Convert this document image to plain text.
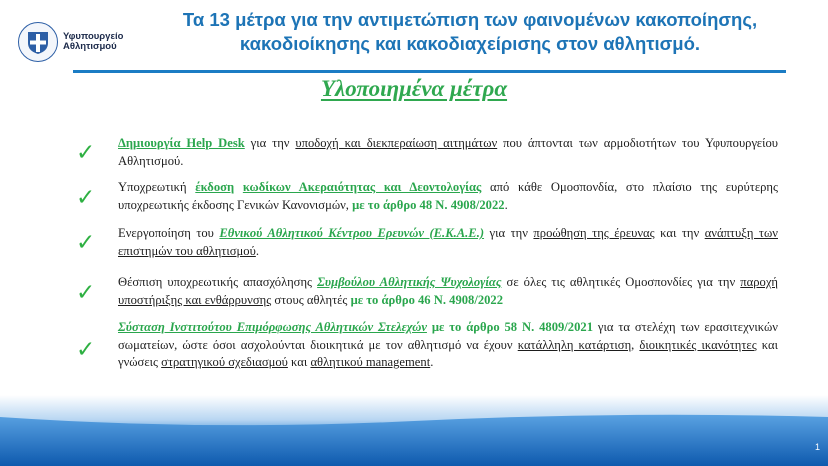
Υφυπουργείο
Αθλητισμού
Τα 13 μέτρα για την αντιμετώπιση των φαινομένων κακοποίησης,
κακοδιοίκησης και κακοδιαχείρισης στον αθλητισμό.
Υλοποιημένα μέτρα
✓ Δημιουργία Help Desk για την υποδοχή και διεκπεραίωση αιτημάτων που άπτονται των αρμοδιοτήτων του Υφυπουργείου Αθλητισμού.
✓ Υποχρεωτική έκδοση κωδίκων Ακεραιότητας και Δεοντολογίας από κάθε Ομοσπονδία, στο πλαίσιο της ευρύτερης υποχρεωτικής έκδοσης Γενικών Κανονισμών, με το άρθρο 48 Ν. 4908/2022.
✓ Ενεργοποίηση του Εθνικού Αθλητικού Κέντρου Ερευνών (Ε.Κ.Α.Ε.) για την προώθηση της έρευνας και την ανάπτυξη των επιστημών του αθλητισμού.
✓ Θέσπιση υποχρεωτικής απασχόλησης Συμβούλου Αθλητικής Ψυχολογίας σε όλες τις αθλητικές Ομοσπονδίες για την παροχή υποστήριξης και ενθάρρυνσης στους αθλητές με το άρθρο 46 Ν. 4908/2022
✓
Σύσταση Ινστιτούτου Επιμόρφωσης Αθλητικών Στελεχών με το άρθρο 58 Ν. 4809/2021 για τα στελέχη των ερασιτεχνικών σωματείων, ώστε όσοι ασχολούνται διοικητικά με τον αθλητισμό να έχουν κατάλληλη κατάρτιση, διοικητικές ικανότητες και γνώσεις στρατηγικού σχεδιασμού και αθλητικού management.
1
